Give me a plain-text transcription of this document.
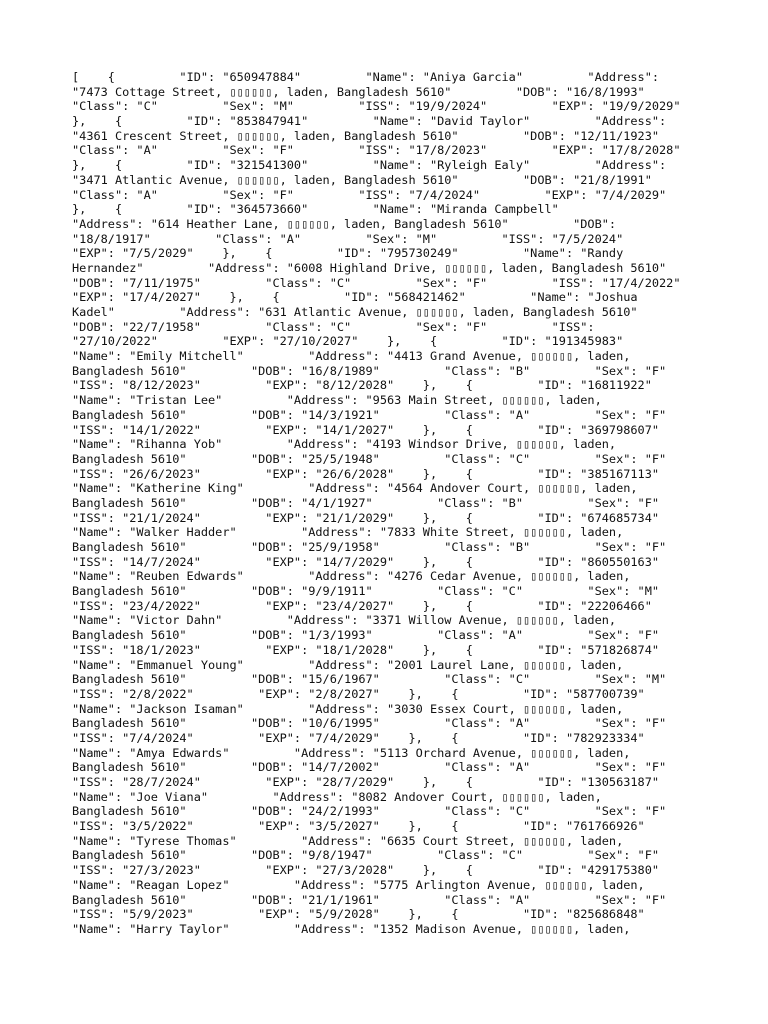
[    {         "ID": "650947884"         "Name": "Aniya Garcia"         "Address":
"7473 Cottage Street, ▯▯▯▯▯▯, laden, Bangladesh 5610"         "DOB": "16/8/1993"
"Class": "C"         "Sex": "M"         "ISS": "19/9/2024"         "EXP": "19/9/2029"
},    {         "ID": "853847941"         "Name": "David Taylor"         "Address":
"4361 Crescent Street, ▯▯▯▯▯▯, laden, Bangladesh 5610"         "DOB": "12/11/1923"
"Class": "A"         "Sex": "F"         "ISS": "17/8/2023"         "EXP": "17/8/2028"
},    {         "ID": "321541300"         "Name": "Ryleigh Ealy"         "Address":
"3471 Atlantic Avenue, ▯▯▯▯▯▯, laden, Bangladesh 5610"         "DOB": "21/8/1991"
"Class": "A"         "Sex": "F"         "ISS": "7/4/2024"         "EXP": "7/4/2029"
},    {         "ID": "364573660"         "Name": "Miranda Campbell"
"Address": "614 Heather Lane, ▯▯▯▯▯▯, laden, Bangladesh 5610"         "DOB":
"18/8/1917"         "Class": "A"         "Sex": "M"         "ISS": "7/5/2024"
"EXP": "7/5/2029"    },    {         "ID": "795730249"         "Name": "Randy
Hernandez"         "Address": "6008 Highland Drive, ▯▯▯▯▯▯, laden, Bangladesh 5610"
"DOB": "7/11/1975"         "Class": "C"         "Sex": "F"         "ISS": "17/4/2022"
"EXP": "17/4/2027"    },    {         "ID": "568421462"         "Name": "Joshua
Kadel"         "Address": "631 Atlantic Avenue, ▯▯▯▯▯▯, laden, Bangladesh 5610"
"DOB": "22/7/1958"         "Class": "C"         "Sex": "F"         "ISS":
"27/10/2022"         "EXP": "27/10/2027"    },    {         "ID": "191345983"
"Name": "Emily Mitchell"         "Address": "4413 Grand Avenue, ▯▯▯▯▯▯, laden,
Bangladesh 5610"         "DOB": "16/8/1989"         "Class": "B"         "Sex": "F"
"ISS": "8/12/2023"         "EXP": "8/12/2028"    },    {         "ID": "16811922"
"Name": "Tristan Lee"         "Address": "9563 Main Street, ▯▯▯▯▯▯, laden,
Bangladesh 5610"         "DOB": "14/3/1921"         "Class": "A"         "Sex": "F"
"ISS": "14/1/2022"         "EXP": "14/1/2027"    },    {         "ID": "369798607"
"Name": "Rihanna Yob"         "Address": "4193 Windsor Drive, ▯▯▯▯▯▯, laden,
Bangladesh 5610"         "DOB": "25/5/1948"         "Class": "C"         "Sex": "F"
"ISS": "26/6/2023"         "EXP": "26/6/2028"    },    {         "ID": "385167113"
"Name": "Katherine King"         "Address": "4564 Andover Court, ▯▯▯▯▯▯, laden,
Bangladesh 5610"         "DOB": "4/1/1927"         "Class": "B"         "Sex": "F"
"ISS": "21/1/2024"         "EXP": "21/1/2029"    },    {         "ID": "674685734"
"Name": "Walker Hadder"         "Address": "7833 White Street, ▯▯▯▯▯▯, laden,
Bangladesh 5610"         "DOB": "25/9/1958"         "Class": "B"         "Sex": "F"
"ISS": "14/7/2024"         "EXP": "14/7/2029"    },    {         "ID": "860550163"
"Name": "Reuben Edwards"         "Address": "4276 Cedar Avenue, ▯▯▯▯▯▯, laden,
Bangladesh 5610"         "DOB": "9/9/1911"         "Class": "C"         "Sex": "M"
"ISS": "23/4/2022"         "EXP": "23/4/2027"    },    {         "ID": "22206466"
"Name": "Victor Dahn"         "Address": "3371 Willow Avenue, ▯▯▯▯▯▯, laden,
Bangladesh 5610"         "DOB": "1/3/1993"         "Class": "A"         "Sex": "F"
"ISS": "18/1/2023"         "EXP": "18/1/2028"    },    {         "ID": "571826874"
"Name": "Emmanuel Young"         "Address": "2001 Laurel Lane, ▯▯▯▯▯▯, laden,
Bangladesh 5610"         "DOB": "15/6/1967"         "Class": "C"         "Sex": "M"
"ISS": "2/8/2022"         "EXP": "2/8/2027"    },    {         "ID": "587700739"
"Name": "Jackson Isaman"         "Address": "3030 Essex Court, ▯▯▯▯▯▯, laden,
Bangladesh 5610"         "DOB": "10/6/1995"         "Class": "A"         "Sex": "F"
"ISS": "7/4/2024"         "EXP": "7/4/2029"    },    {         "ID": "782923334"
"Name": "Amya Edwards"         "Address": "5113 Orchard Avenue, ▯▯▯▯▯▯, laden,
Bangladesh 5610"         "DOB": "14/7/2002"         "Class": "A"         "Sex": "F"
"ISS": "28/7/2024"         "EXP": "28/7/2029"    },    {         "ID": "130563187"
"Name": "Joe Viana"         "Address": "8082 Andover Court, ▯▯▯▯▯▯, laden,
Bangladesh 5610"         "DOB": "24/2/1993"         "Class": "C"         "Sex": "F"
"ISS": "3/5/2022"         "EXP": "3/5/2027"    },    {         "ID": "761766926"
"Name": "Tyrese Thomas"         "Address": "6635 Court Street, ▯▯▯▯▯▯, laden,
Bangladesh 5610"         "DOB": "9/8/1947"         "Class": "C"         "Sex": "F"
"ISS": "27/3/2023"         "EXP": "27/3/2028"    },    {         "ID": "429175380"
"Name": "Reagan Lopez"         "Address": "5775 Arlington Avenue, ▯▯▯▯▯▯, laden,
Bangladesh 5610"         "DOB": "21/1/1961"         "Class": "A"         "Sex": "F"
"ISS": "5/9/2023"         "EXP": "5/9/2028"    },    {         "ID": "825686848"
"Name": "Harry Taylor"         "Address": "1352 Madison Avenue, ▯▯▯▯▯▯, laden,
